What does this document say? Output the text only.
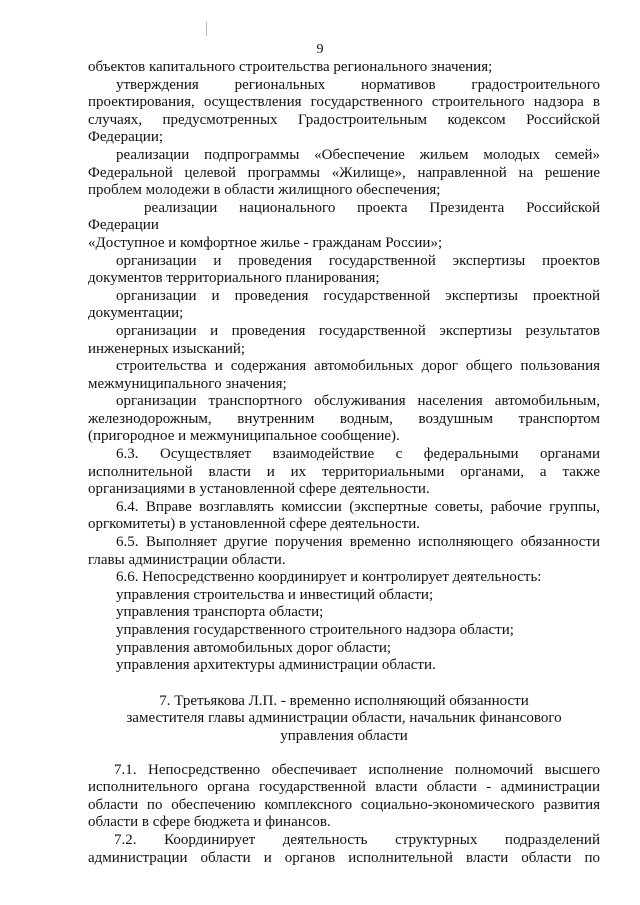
9

объектов капитального строительства регионального значения;

утверждения региональных нормативов градостроительного

проектирования, осуществления государственного строительного надзора в

случаях, предусмотренных Градостроительным кодексом Российской

Федерации;

реализации подпрограммы «Обеспечение жильем молодых семей»

Федеральной целевой программы «Жилище», направленной на решение

проблем молодежи в области жилищного обеспечения;

реализации национального проекта Президента Российской Федерации

«Доступное и комфортное жилье - гражданам России»;

организации и проведения государственной экспертизы проектов

документов территориального планирования;

организации и проведения государственной экспертизы проектной

документации;

организации и проведения государственной экспертизы результатов

инженерных изысканий;

строительства и содержания автомобильных дорог общего пользования

межмуниципального значения;

организации транспортного обслуживания населения автомобильным,

железнодорожным, внутренним водным, воздушным транспортом

(пригородное и межмуниципальное сообщение).

6.3. Осуществляет взаимодействие с федеральными органами

исполнительной власти и их территориальными органами, а также

организациями в установленной сфере деятельности.

6.4. Вправе возглавлять комиссии (экспертные советы, рабочие группы,

оргкомитеты) в установленной сфере деятельности.

6.5. Выполняет другие поручения временно исполняющего обязанности

главы администрации области.

6.6. Непосредственно координирует и контролирует деятельность:

управления строительства и инвестиций области;

управления транспорта области;

управления государственного строительного надзора области;

управления автомобильных дорог области;

управления архитектуры администрации области.

7. Третьякова Л.П. - временно исполняющий обязанности

заместителя главы администрации области, начальник финансового

управления области

7.1. Непосредственно обеспечивает исполнение полномочий высшего

исполнительного органа государственной власти области - администрации

области по обеспечению комплексного социально-экономического развития

области в сфере бюджета и финансов.

7.2. Координирует деятельность структурных подразделений

администрации области и органов исполнительной власти области по
